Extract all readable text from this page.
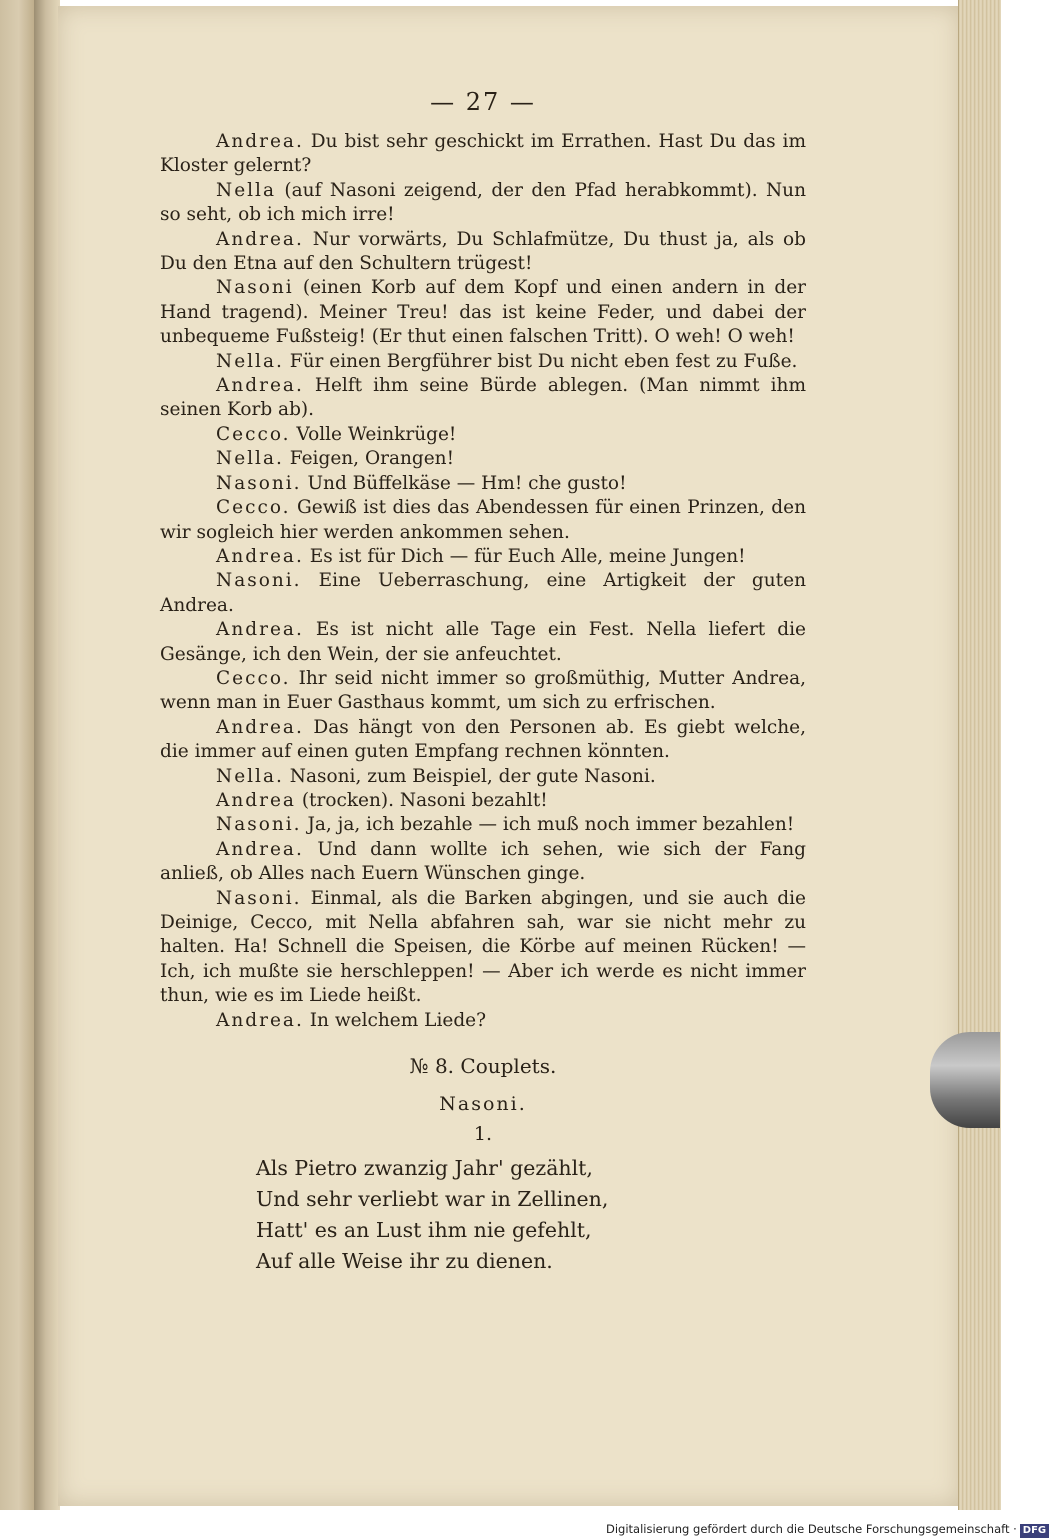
— 27 —

Andrea. Du bist sehr geschickt im Errathen. Hast Du das im Kloster gelernt?

Nella (auf Nasoni zeigend, der den Pfad herabkommt). Nun so seht, ob ich mich irre!

Andrea. Nur vorwärts, Du Schlafmütze, Du thust ja, als ob Du den Etna auf den Schultern trügest!

Nasoni (einen Korb auf dem Kopf und einen andern in der Hand tragend). Meiner Treu! das ist keine Feder, und dabei der unbequeme Fußsteig! (Er thut einen falschen Tritt). O weh! O weh!

Nella. Für einen Bergführer bist Du nicht eben fest zu Fuße.

Andrea. Helft ihm seine Bürde ablegen. (Man nimmt ihm seinen Korb ab).

Cecco. Volle Weinkrüge!

Nella. Feigen, Orangen!

Nasoni. Und Büffelkäse — Hm! che gusto!

Cecco. Gewiß ist dies das Abendessen für einen Prinzen, den wir sogleich hier werden ankommen sehen.

Andrea. Es ist für Dich — für Euch Alle, meine Jungen!

Nasoni. Eine Ueberraschung, eine Artigkeit der guten Andrea.

Andrea. Es ist nicht alle Tage ein Fest. Nella liefert die Gesänge, ich den Wein, der sie anfeuchtet.

Cecco. Ihr seid nicht immer so großmüthig, Mutter Andrea, wenn man in Euer Gasthaus kommt, um sich zu erfrischen.

Andrea. Das hängt von den Personen ab. Es giebt welche, die immer auf einen guten Empfang rechnen könnten.

Nella. Nasoni, zum Beispiel, der gute Nasoni.

Andrea (trocken). Nasoni bezahlt!

Nasoni. Ja, ja, ich bezahle — ich muß noch immer bezahlen!

Andrea. Und dann wollte ich sehen, wie sich der Fang anließ, ob Alles nach Euern Wünschen ginge.

Nasoni. Einmal, als die Barken abgingen, und sie auch die Deinige, Cecco, mit Nella abfahren sah, war sie nicht mehr zu halten. Ha! Schnell die Speisen, die Körbe auf meinen Rücken! — Ich, ich mußte sie herschleppen! — Aber ich werde es nicht immer thun, wie es im Liede heißt.

Andrea. In welchem Liede?

№ 8. Couplets.
Nasoni.
1.
Als Pietro zwanzig Jahr' gezählt,
Und sehr verliebt war in Zellinen,
Hatt' es an Lust ihm nie gefehlt,
Auf alle Weise ihr zu dienen.
Digitalisierung gefördert durch die Deutsche Forschungsgemeinschaft · DFG
